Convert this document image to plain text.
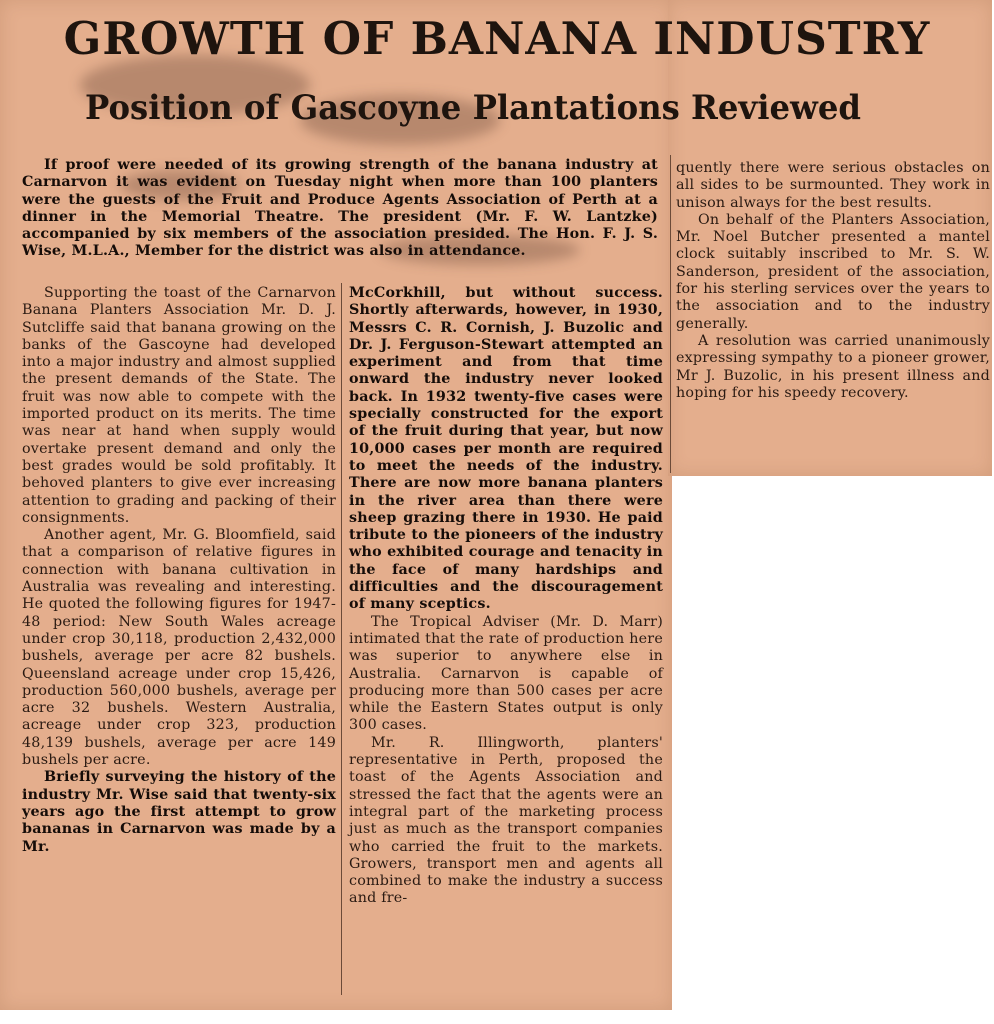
GROWTH OF BANANA INDUSTRY
Position of Gascoyne Plantations Reviewed

If proof were needed of its growing strength of the banana industry at Carnarvon it was evident on Tuesday night when more than 100 planters were the guests of the Fruit and Produce Agents Association of Perth at a dinner in the Memorial Theatre. The president (Mr. F. W. Lantzke) accompanied by six members of the association presided. The Hon. F. J. S. Wise, M.L.A., Member for the district was also in attendance.

Supporting the toast of the Carnarvon Banana Planters Association Mr. D. J. Sutcliffe said that banana growing on the banks of the Gascoyne had developed into a major industry and almost supplied the present demands of the State. The fruit was now able to compete with the imported product on its merits. The time was near at hand when supply would overtake present demand and only the best grades would be sold profitably. It behoved planters to give ever increasing attention to grading and packing of their consignments.

Another agent, Mr. G. Bloomfield, said that a comparison of relative figures in connection with banana cultivation in Australia was revealing and interesting. He quoted the following figures for 1947-48 period: New South Wales acreage under crop 30,118, production 2,432,000 bushels, average per acre 82 bushels. Queensland acreage under crop 15,426, production 560,000 bushels, average per acre 32 bushels. Western Australia, acreage under crop 323, production 48,139 bushels, average per acre 149 bushels per acre.

Briefly surveying the history of the industry Mr. Wise said that twenty-six years ago the first attempt to grow bananas in Carnarvon was made by a Mr.

McCorkhill, but without success. Shortly afterwards, however, in 1930, Messrs C. R. Cornish, J. Buzolic and Dr. J. Ferguson-Stewart attempted an experiment and from that time onward the industry never looked back. In 1932 twenty-five cases were specially constructed for the export of the fruit during that year, but now 10,000 cases per month are required to meet the needs of the industry. There are now more banana planters in the river area than there were sheep grazing there in 1930. He paid tribute to the pioneers of the industry who exhibited courage and tenacity in the face of many hardships and difficulties and the discouragement of many sceptics.

The Tropical Adviser (Mr. D. Marr) intimated that the rate of production here was superior to anywhere else in Australia. Carnarvon is capable of producing more than 500 cases per acre while the Eastern States output is only 300 cases.

Mr. R. Illingworth, planters' representative in Perth, proposed the toast of the Agents Association and stressed the fact that the agents were an integral part of the marketing process just as much as the transport companies who carried the fruit to the markets. Growers, transport men and agents all combined to make the industry a success and fre-

quently there were serious obstacles on all sides to be surmounted. They work in unison always for the best results.

On behalf of the Planters Association, Mr. Noel Butcher presented a mantel clock suitably inscribed to Mr. S. W. Sanderson, president of the association, for his sterling services over the years to the association and to the industry generally.

A resolution was carried unanimously expressing sympathy to a pioneer grower, Mr J. Buzolic, in his present illness and hoping for his speedy recovery.
